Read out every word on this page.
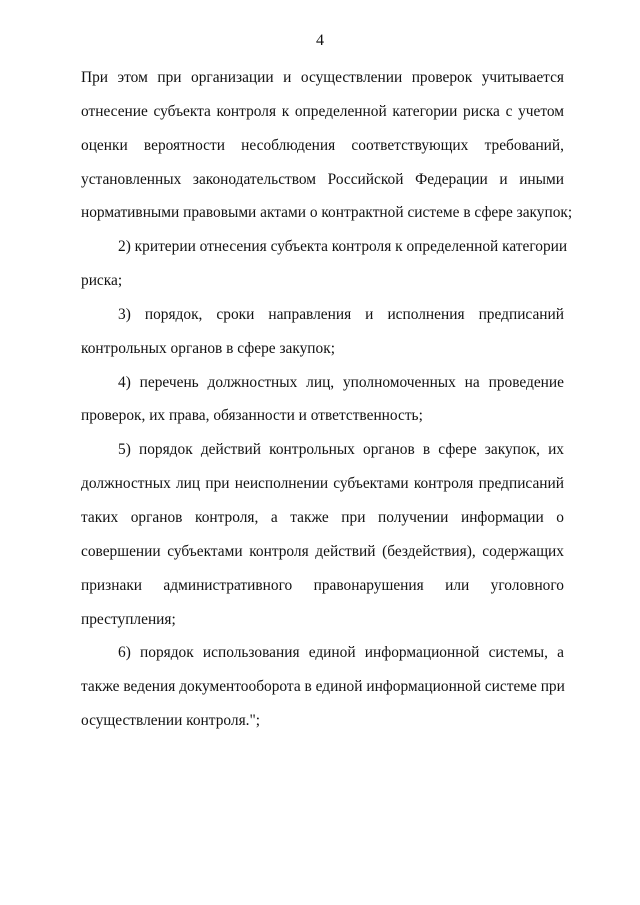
4
При этом при организации и осуществлении проверок учитывается
отнесение субъекта контроля к определенной категории риска с учетом
оценки вероятности несоблюдения соответствующих требований,
установленных законодательством Российской Федерации и иными
нормативными правовыми актами о контрактной системе в сфере закупок;
2) критерии отнесения субъекта контроля к определенной категории
риска;
3) порядок, сроки направления и исполнения предписаний
контрольных органов в сфере закупок;
4) перечень должностных лиц, уполномоченных на проведение
проверок, их права, обязанности и ответственность;
5) порядок действий контрольных органов в сфере закупок, их
должностных лиц при неисполнении субъектами контроля предписаний
таких органов контроля, а также при получении информации о
совершении субъектами контроля действий (бездействия), содержащих
признаки административного правонарушения или уголовного
преступления;
6) порядок использования единой информационной системы, а
также ведения документооборота в единой информационной системе при
осуществлении контроля.";
